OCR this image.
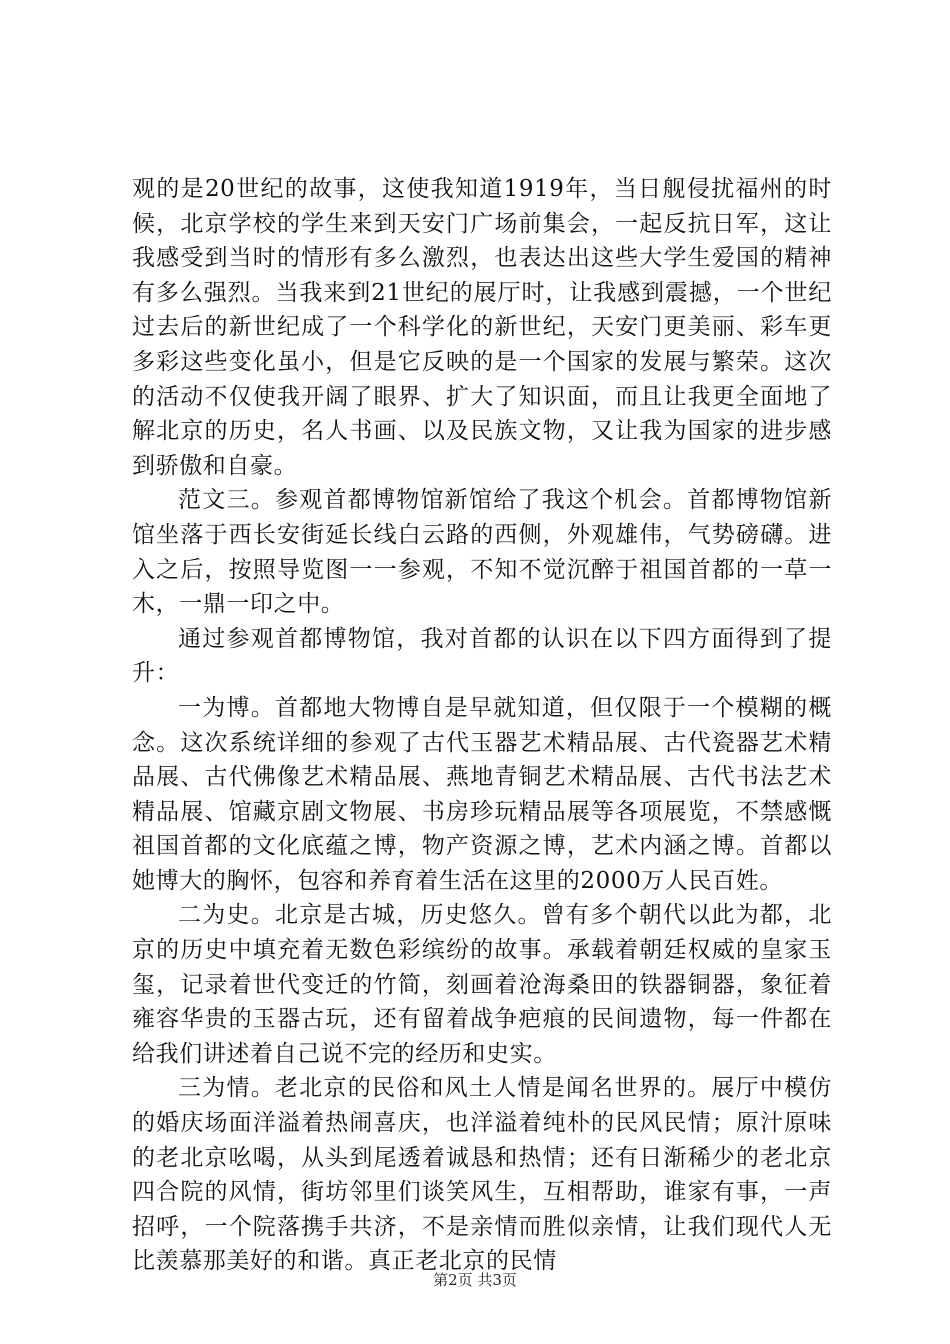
观的是20世纪的故事，这使我知道1919年，当日舰侵扰福州的时候，北京学校的学生来到天安门广场前集会，一起反抗日军，这让我感受到当时的情形有多么激烈，也表达出这些大学生爱国的精神有多么强烈。当我来到21世纪的展厅时，让我感到震撼，一个世纪过去后的新世纪成了一个科学化的新世纪，天安门更美丽、彩车更多彩这些变化虽小，但是它反映的是一个国家的发展与繁荣。这次的活动不仅使我开阔了眼界、扩大了知识面，而且让我更全面地了解北京的历史，名人书画、以及民族文物，又让我为国家的进步感到骄傲和自豪。

范文三。参观首都博物馆新馆给了我这个机会。首都博物馆新馆坐落于西长安街延长线白云路的西侧，外观雄伟，气势磅礴。进入之后，按照导览图一一参观，不知不觉沉醉于祖国首都的一草一木，一鼎一印之中。

通过参观首都博物馆，我对首都的认识在以下四方面得到了提升：

一为博。首都地大物博自是早就知道，但仅限于一个模糊的概念。这次系统详细的参观了古代玉器艺术精品展、古代瓷器艺术精品展、古代佛像艺术精品展、燕地青铜艺术精品展、古代书法艺术精品展、馆藏京剧文物展、书房珍玩精品展等各项展览，不禁感慨祖国首都的文化底蕴之博，物产资源之博，艺术内涵之博。首都以她博大的胸怀，包容和养育着生活在这里的2000万人民百姓。

二为史。北京是古城，历史悠久。曾有多个朝代以此为都，北京的历史中填充着无数色彩缤纷的故事。承载着朝廷权威的皇家玉玺，记录着世代变迁的竹简，刻画着沧海桑田的铁器铜器，象征着雍容华贵的玉器古玩，还有留着战争疤痕的民间遗物，每一件都在给我们讲述着自己说不完的经历和史实。

三为情。老北京的民俗和风土人情是闻名世界的。展厅中模仿的婚庆场面洋溢着热闹喜庆，也洋溢着纯朴的民风民情；原汁原味的老北京吆喝，从头到尾透着诚恳和热情；还有日渐稀少的老北京四合院的风情，街坊邻里们谈笑风生，互相帮助，谁家有事，一声招呼，一个院落携手共济，不是亲情而胜似亲情，让我们现代人无比羡慕那美好的和谐。真正老北京的民情

第2页 共3页
